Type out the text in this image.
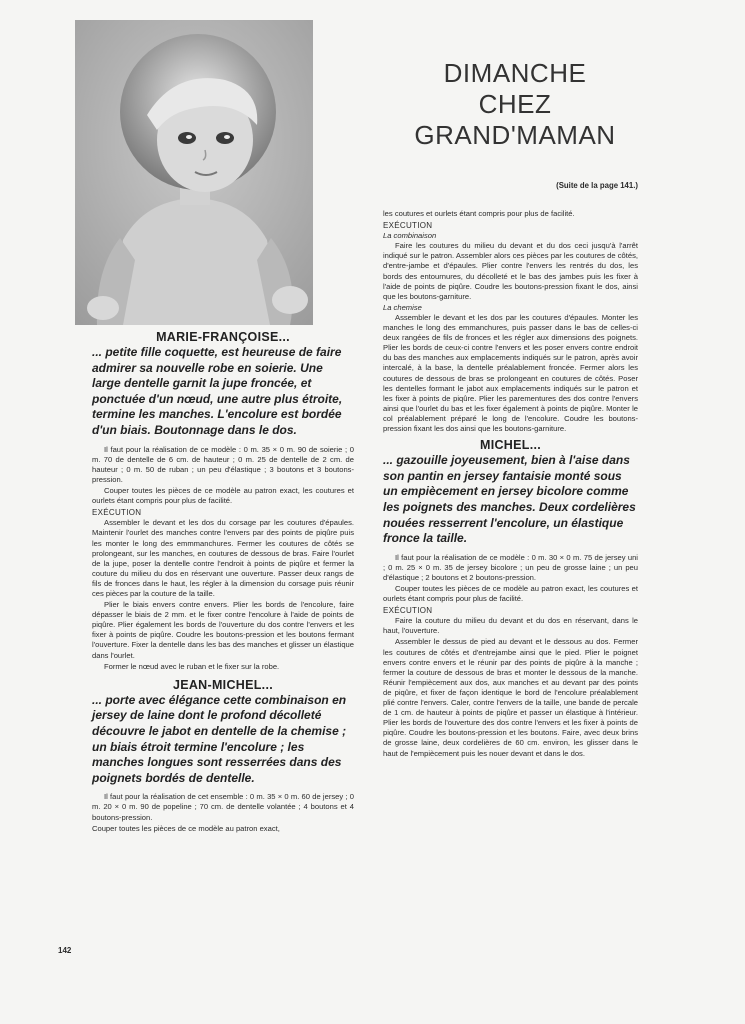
DIMANCHE
CHEZ
GRAND'MAMAN
(Suite de la page 141.)
MARIE-FRANÇOISE...
... petite fille coquette, est heureuse de faire admirer sa nouvelle robe en soierie. Une large dentelle garnit la jupe froncée, et ponctuée d'un nœud, une autre plus étroite, termine les manches. L'encolure est bordée d'un biais. Boutonnage dans le dos.

Il faut pour la réalisation de ce modèle : 0 m. 35 × 0 m. 90 de soierie ; 0 m. 70 de dentelle de 6 cm. de hauteur ; 0 m. 25 de dentelle de 2 cm. de hauteur ; 0 m. 50 de ruban ; un peu d'élastique ; 3 boutons et 3 boutons-pression.

Couper toutes les pièces de ce modèle au patron exact, les coutures et ourlets étant compris pour plus de facilité.

EXÉCUTION

Assembler le devant et les dos du corsage par les coutures d'épaules. Maintenir l'ourlet des manches contre l'envers par des points de piqûre puis les monter le long des emmmanchures. Fermer les coutures de côtés se prolongeant, sur les manches, en coutures de dessous de bras. Faire l'ourlet de la jupe, poser la dentelle contre l'endroit à points de piqûre et fermer la couture du milieu du dos en réservant une ouverture. Passer deux rangs de fils de fronces dans le haut, les régler à la dimension du corsage puis réunir ces pièces par la couture de la taille.

Plier le biais envers contre envers. Plier les bords de l'encolure, faire dépasser le biais de 2 mm. et le fixer contre l'encolure à l'aide de points de piqûre. Plier également les bords de l'ouverture du dos contre l'envers et les fixer à points de piqûre. Coudre les boutons-pression et les boutons fermant l'ouverture. Fixer la dentelle dans les bas des manches et glisser un élastique dans l'ourlet.

Former le nœud avec le ruban et le fixer sur la robe.

JEAN-MICHEL...
... porte avec élégance cette combinaison en jersey de laine dont le profond décolleté découvre le jabot en dentelle de la chemise ; un biais étroit termine l'encolure ; les manches longues sont resserrées dans des poignets bordés de dentelle.

Il faut pour la réalisation de cet ensemble : 0 m. 35 × 0 m. 60 de jersey ; 0 m. 20 × 0 m. 90 de popeline ; 70 cm. de dentelle volantée ; 4 boutons et 4 boutons-pression.

Couper toutes les pièces de ce modèle au patron exact,

les coutures et ourlets étant compris pour plus de facilité.

EXÉCUTION
La combinaison

Faire les coutures du milieu du devant et du dos ceci jusqu'à l'arrêt indiqué sur le patron. Assembler alors ces pièces par les coutures de côtés, d'entre-jambe et d'épaules. Plier contre l'envers les rentrés du dos, les bords des entournures, du décolleté et le bas des jambes puis les fixer à l'aide de points de piqûre. Coudre les boutons-pression fixant le dos, ainsi que les boutons-garniture.

La chemise

Assembler le devant et les dos par les coutures d'épaules. Monter les manches le long des emmanchures, puis passer dans le bas de celles-ci deux rangées de fils de fronces et les régler aux dimensions des poignets. Plier les bords de ceux-ci contre l'envers et les poser envers contre endroit du bas des manches aux emplacements indiqués sur le patron, après avoir intercalé, à la base, la dentelle préalablement froncée. Fermer alors les coutures de dessous de bras se prolongeant en coutures de côtés. Poser les dentelles formant le jabot aux emplacements indiqués sur le patron et les fixer à points de piqûre. Plier les parementures des dos contre l'envers ainsi que l'ourlet du bas et les fixer également à points de piqûre. Monter le col préalablement préparé le long de l'encolure. Coudre les boutons-pression fixant les dos ainsi que les boutons-garniture.

MICHEL...
... gazouille joyeusement, bien à l'aise dans son pantin en jersey fantaisie monté sous un empiècement en jersey bicolore comme les poignets des manches. Deux cordelières nouées resserrent l'encolure, un élastique fronce la taille.

Il faut pour la réalisation de ce modèle : 0 m. 30 × 0 m. 75 de jersey uni ; 0 m. 25 × 0 m. 35 de jersey bicolore ; un peu de grosse laine ; un peu d'élastique ; 2 boutons et 2 boutons-pression.

Couper toutes les pièces de ce modèle au patron exact, les coutures et ourlets étant compris pour plus de facilité.

EXÉCUTION

Faire la couture du milieu du devant et du dos en réservant, dans le haut, l'ouverture.

Assembler le dessus de pied au devant et le dessous au dos. Fermer les coutures de côtés et d'entrejambe ainsi que le pied. Plier le poignet envers contre envers et le réunir par des points de piqûre à la manche ; fermer la couture de dessous de bras et monter le dessous de la manche. Réunir l'empiècement aux dos, aux manches et au devant par des points de piqûre, et fixer de façon identique le bord de l'encolure préalablement plié contre l'envers. Caler, contre l'envers de la taille, une bande de percale de 1 cm. de hauteur à points de piqûre et passer un élastique à l'intérieur. Plier les bords de l'ouverture des dos contre l'envers et les fixer à points de piqûre. Coudre les boutons-pression et les boutons. Faire, avec deux brins de grosse laine, deux cordelières de 60 cm. environ, les glisser dans le haut de l'empiècement puis les nouer devant et dans le dos.

142
